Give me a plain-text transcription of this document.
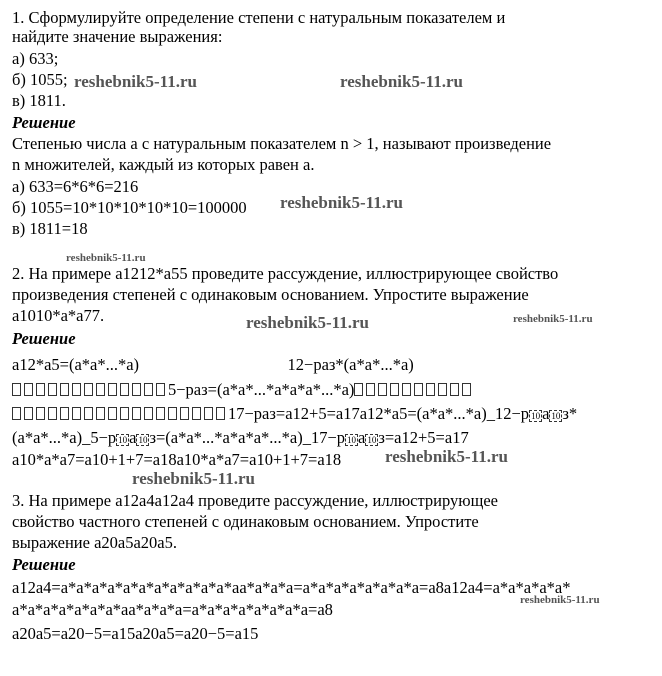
1. Сформулируйте определение степени с натуральным показателем и
найдите значение выражения:
а) 633;
б) 1055;
в) 1811.
Решение
Степенью числа a с натуральным показателем n > 1, называют произведение
n множителей, каждый из которых равен a.
а) 633=6*6*6=216
б) 1055=10*10*10*10*10=100000
в) 1811=18
2. На примере a1212*a55 проведите рассуждение, иллюстрирующее свойство
произведения степеней с одинаковым основанием. Упростите выражение
a1010*a*a77.
Решение
a12*a5=(a*a*...*a)                  12−раз*(a*a*...*a)
5−раз=(a*a*...*a*a*a*...*a)
17−раз=a12+5=a17a12*a5=(a*a*...*a)_12−р 10 a 10 з*
(a*a*...*a)_5−р 10 a 10 з=(a*a*...*a*a*a*...*a)_17−р 10 a 10 з=a12+5=a17
a10*a*a7=a10+1+7=a18a10*a*a7=a10+1+7=a18
3. На примере a12a4a12a4 проведите рассуждение, иллюстрирующее
свойство частного степеней с одинаковым основанием. Упростите
выражение a20a5a20a5.
Решение
a12a4=a*a*a*a*a*a*a*a*a*a*a*aa*a*a*a=a*a*a*a*a*a*a*a=a8a12a4=a*a*a*a*a*
a*a*a*a*a*a*a*aa*a*a*a=a*a*a*a*a*a*a*a=a8
a20a5=a20−5=a15a20a5=a20−5=a15
reshebnik5-11.ru	reshebnik5-11.ru
reshebnik5-11.ru
reshebnik5-11.ru
reshebnik5-11.ru	reshebnik5-11.ru
reshebnik5-11.ru
reshebnik5-11.ru
reshebnik5-11.ru
